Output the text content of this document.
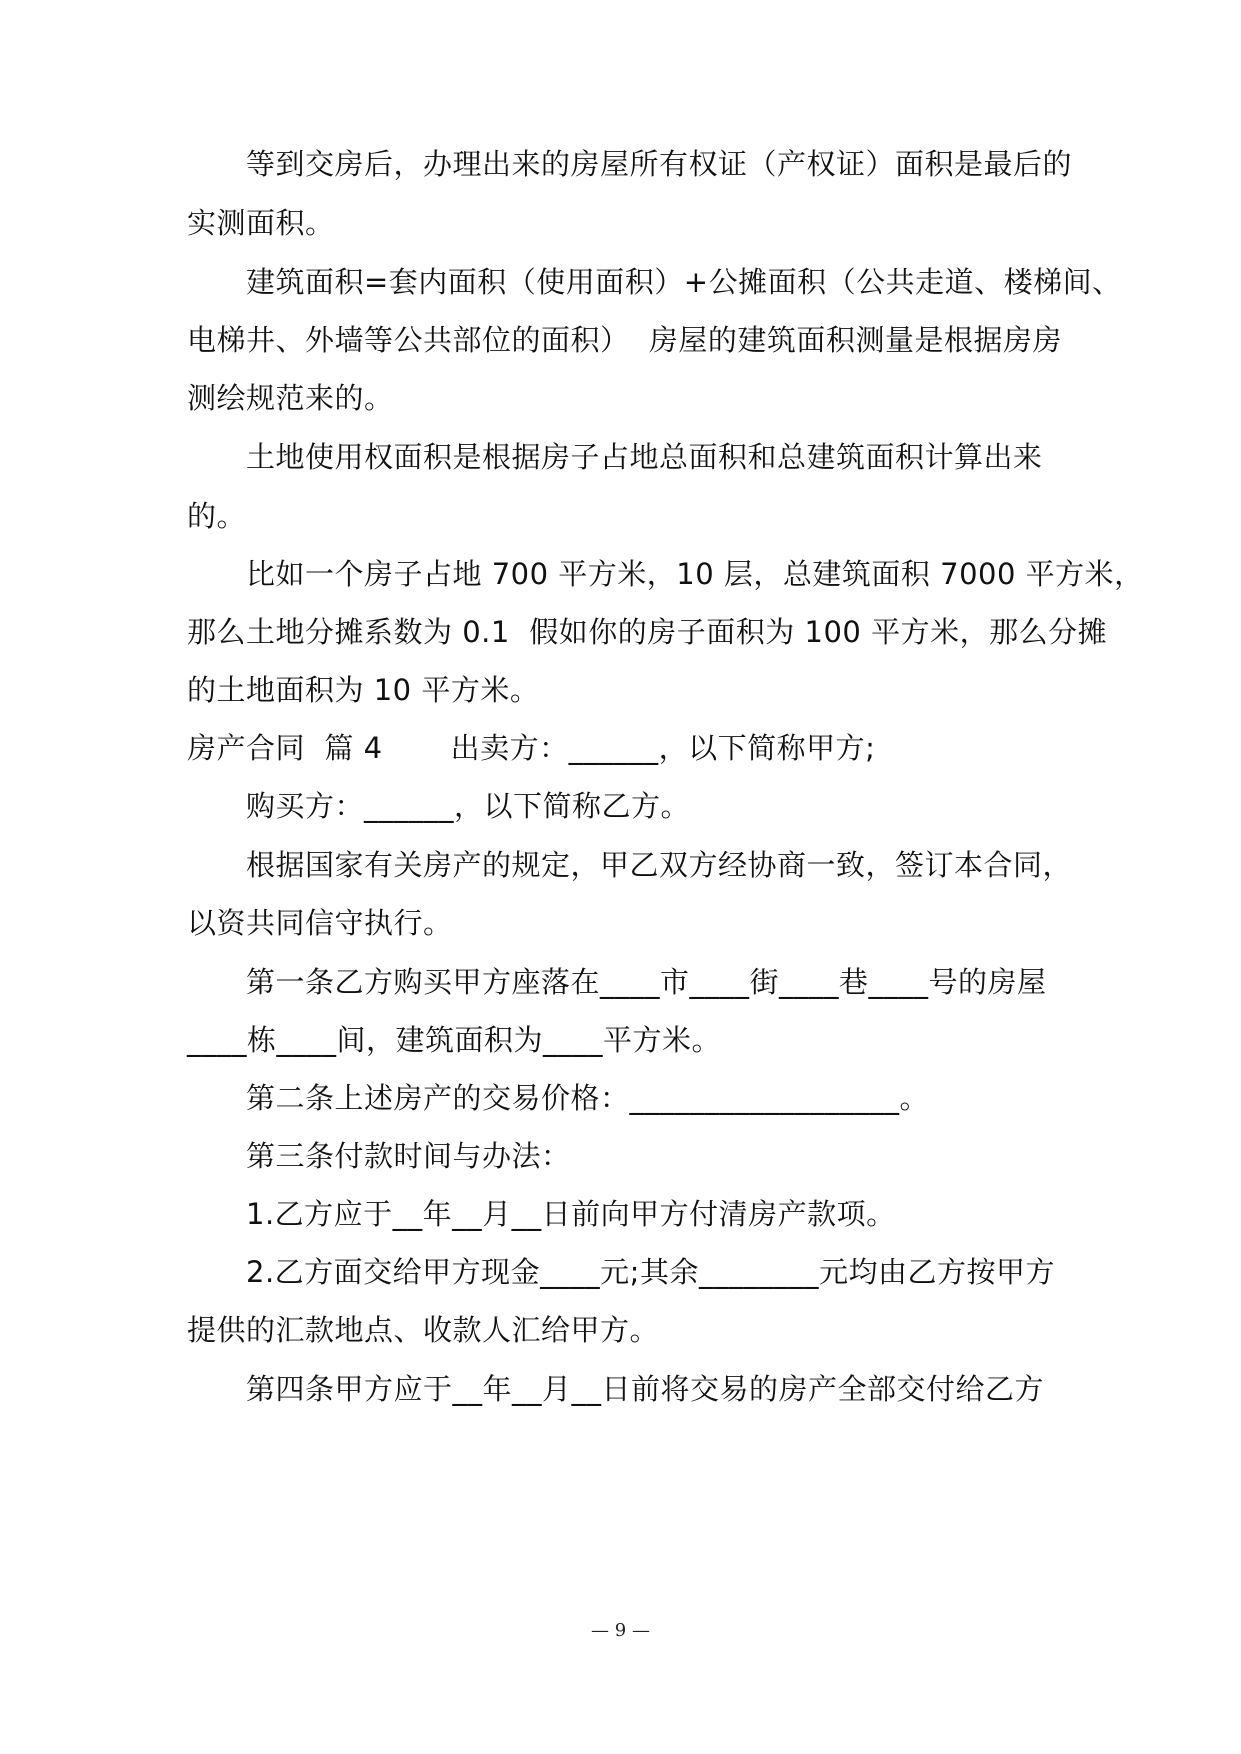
等到交房后，办理出来的房屋所有权证（产权证）面积是最后的
实测面积。
建筑面积=套内面积（使用面积）+公摊面积（公共走道、楼梯间、
电梯井、外墙等公共部位的面积）  房屋的建筑面积测量是根据房房
测绘规范来的。
土地使用权面积是根据房子占地总面积和总建筑面积计算出来
的。
比如一个房子占地 700 平方米，10 层，总建筑面积 7000 平方米，
那么土地分摊系数为 0.1  假如你的房子面积为 100 平方米，那么分摊
的土地面积为 10 平方米。
房产合同  篇 4       出卖方：______，以下简称甲方;
购买方：______，以下简称乙方。
根据国家有关房产的规定，甲乙双方经协商一致，签订本合同，
以资共同信守执行。
第一条乙方购买甲方座落在____市____街____巷____号的房屋
____栋____间，建筑面积为____平方米。
第二条上述房产的交易价格：__________________。
第三条付款时间与办法：
1.乙方应于__年__月__日前向甲方付清房产款项。
2.乙方面交给甲方现金____元;其余________元均由乙方按甲方
提供的汇款地点、收款人汇给甲方。
第四条甲方应于__年__月__日前将交易的房产全部交付给乙方
— 9 —
